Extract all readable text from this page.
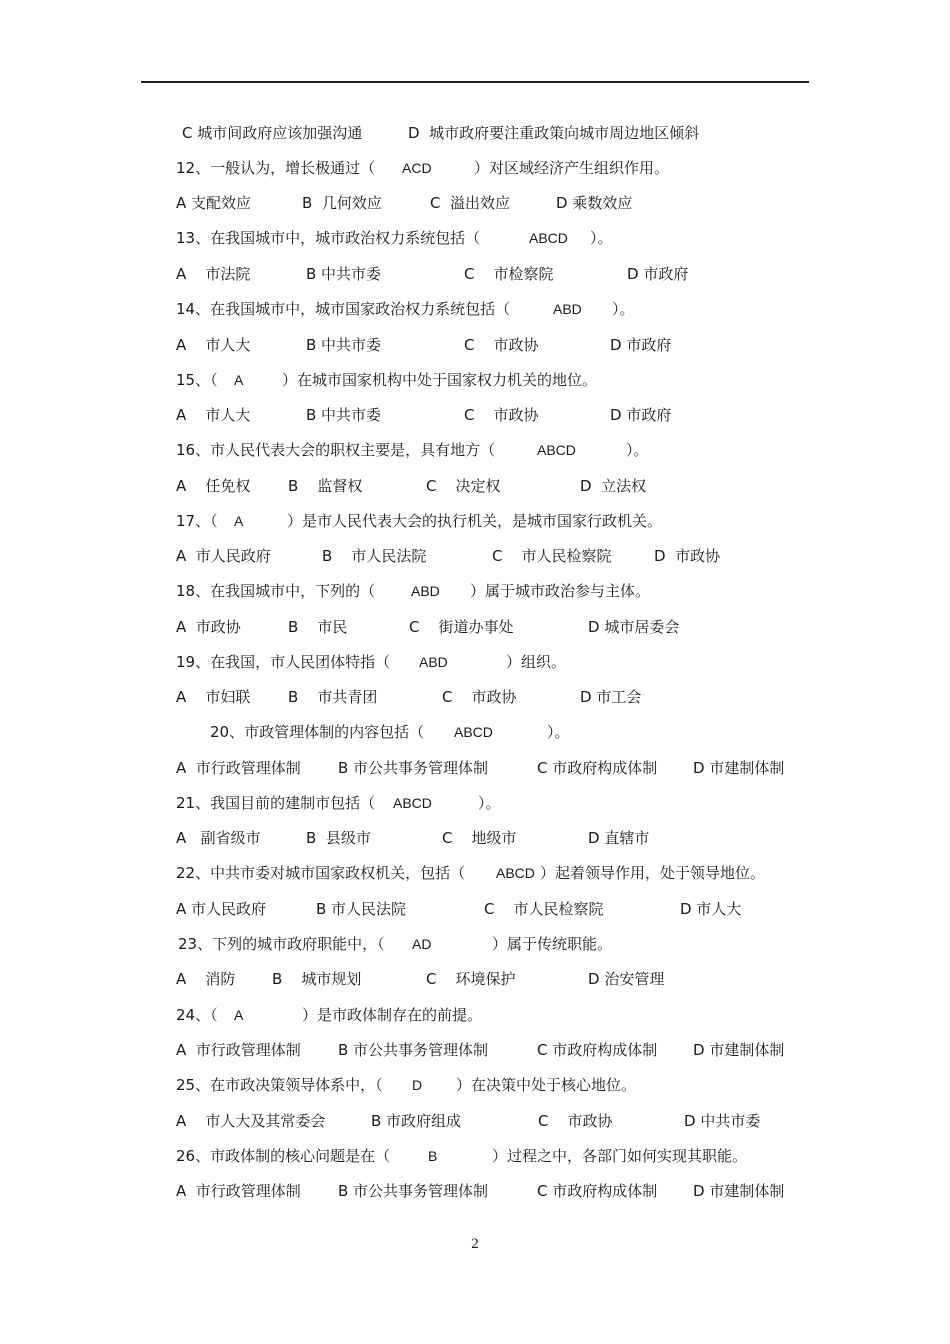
C 城市间政府应该加强沟通	D  城市政府要注重政策向城市周边地区倾斜
12、一般认为，增长极通过（ ACD	）对区域经济产生组织作用。
A 支配效应	B  几何效应	C  溢出效应	D 乘数效应
13、在我国城市中，城市政治权力系统包括（	ABCD ）。
A    市法院	B 中共市委	C    市检察院	D 市政府
14、在我国城市中，城市国家政治权力系统包括（	ABD ）。
A    市人大	B 中共市委	C    市政协	D 市政府
15、（ A	）在城市国家机构中处于国家权力机关的地位。
A    市人大	B 中共市委	C    市政协	D 市政府
16、市人民代表大会的职权主要是，具有地方（	ABCD	）。
A    任免权	B    监督权	C    决定权	D  立法权
17、（ A	）是市人民代表大会的执行机关，是城市国家行政机关。
A  市人民政府	B    市人民法院	C    市人民检察院	D  市政协
18、在我国城市中，下列的（	ABD ）属于城市政治参与主体。
A  市政协	B    市民	C    街道办事处	D 城市居委会
19、在我国，市人民团体特指（ ABD	）组织。
A    市妇联	B    市共青团	C    市政协	D 市工会
20、市政管理体制的内容包括（ ABCD	）。
A  市行政管理体制 B 市公共事务管理体制	C 市政府构成体制 D 市建制体制
21、我国目前的建制市包括（ ABCD	）。
A   副省级市	B  县级市	C    地级市	D 直辖市
22、中共市委对城市国家政权机关，包括（ ABCD ）起着领导作用，处于领导地位。
A 市人民政府	B 市人民法院	C    市人民检察院	D 市人大
23、下列的城市政府职能中，（ AD	）属于传统职能。
A    消防 B    城市规划	C    环境保护	D 治安管理
24、（ A	）是市政体制存在的前提。
A  市行政管理体制 B 市公共事务管理体制	C 市政府构成体制 D 市建制体制
25、在市政决策领导体系中，（ D ）在决策中处于核心地位。
A    市人大及其常委会	B 市政府组成	C    市政协	D 中共市委
26、市政体制的核心问题是在（	B	）过程之中，各部门如何实现其职能。
A  市行政管理体制 B 市公共事务管理体制	C 市政府构成体制 D 市建制体制
2
